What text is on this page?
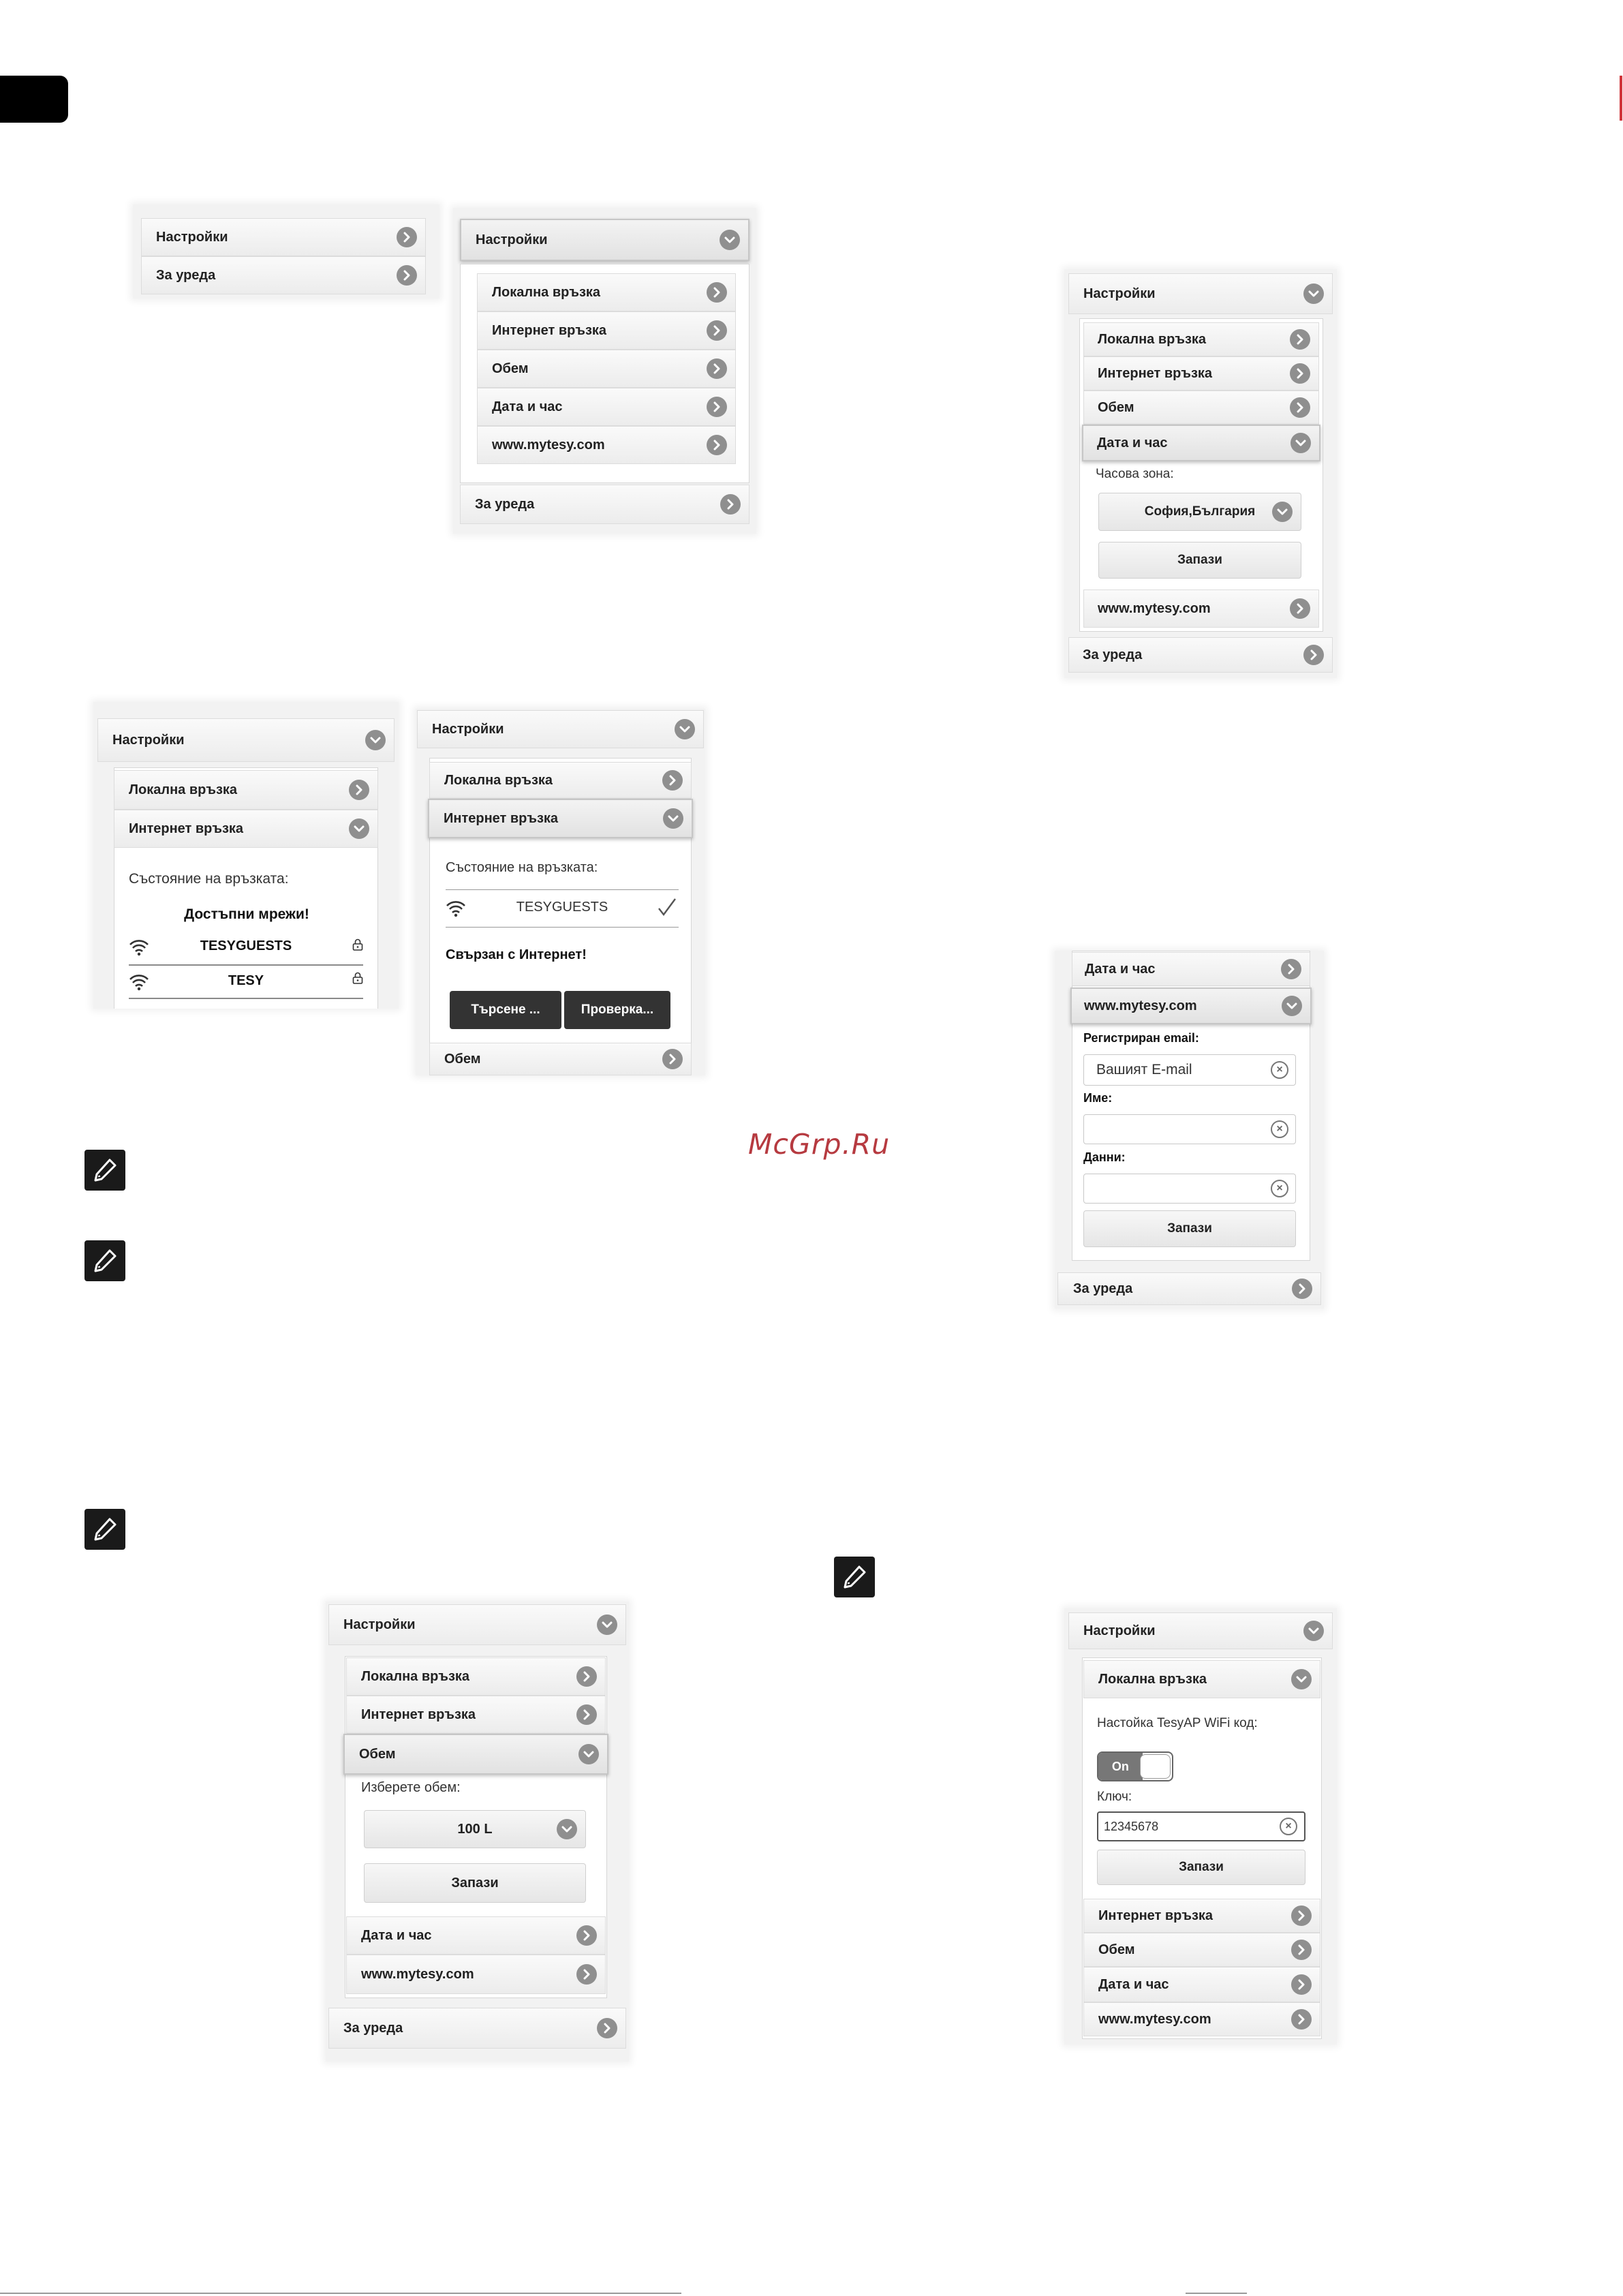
McGrp.Ru
Настройки
За уреда
Настройки
Локална връзка
Интернет връзка
Обем
Дата и час
www.mytesy.com
За уреда
Настройки
Локална връзка
Интернет връзка
Обем
Дата и час
Часова зона:
София,България
Запази
www.mytesy.com
За уреда
Настройки
Локална връзка
Интернет връзка
Състояние на връзката:
Достъпни мрежи!
TESYGUESTS
TESY
Настройки
Локална връзка
Интернет връзка
Състояние на връзката:
TESYGUESTS
Свързан с Интернет!
Търсене ...	Проверка...
Обем
Дата и час
www.mytesy.com
Регистриран email:
Вашият E-mail	×
Име:
×
Данни:
×
Запази
За уреда
Настройки
Локална връзка
Интернет връзка
Обем
Изберете обем:
100 L
Запази
Дата и час
www.mytesy.com
За уреда
Настройки
Локална връзка
Настойка TesyAP WiFi код:
On
Ключ:
12345678	×
Запази
Интернет връзка
Обем
Дата и час
www.mytesy.com
